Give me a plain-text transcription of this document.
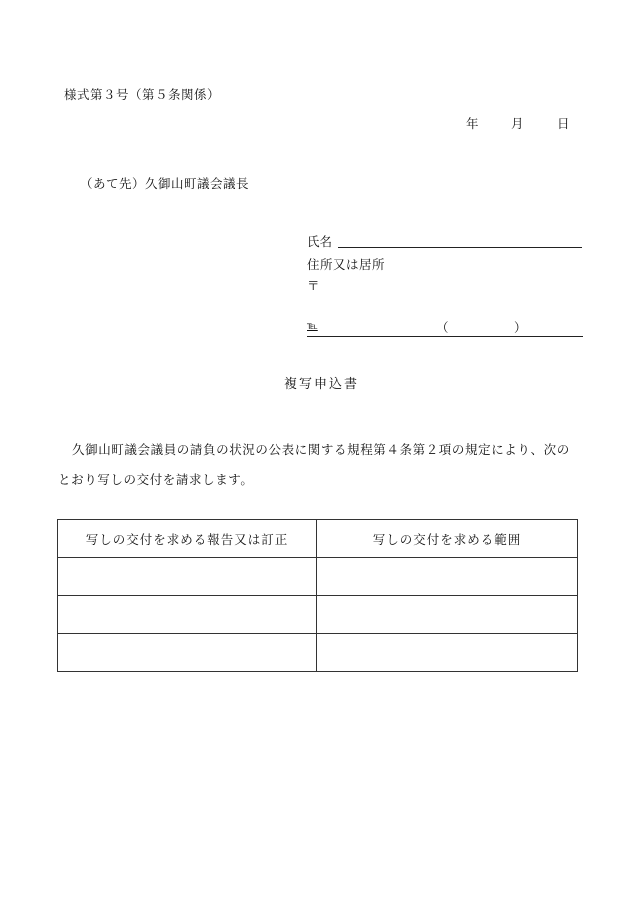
様式第３号（第５条関係）
年	月	日
（あて先）久御山町議会議長
氏名
住所又は居所
〒
℡	（	）
複写申込書
久御山町議会議員の請負の状況の公表に関する規程第４条第２項の規定により、次のとおり写しの交付を請求します。
写しの交付を求める報告又は訂正	写しの交付を求める範囲
